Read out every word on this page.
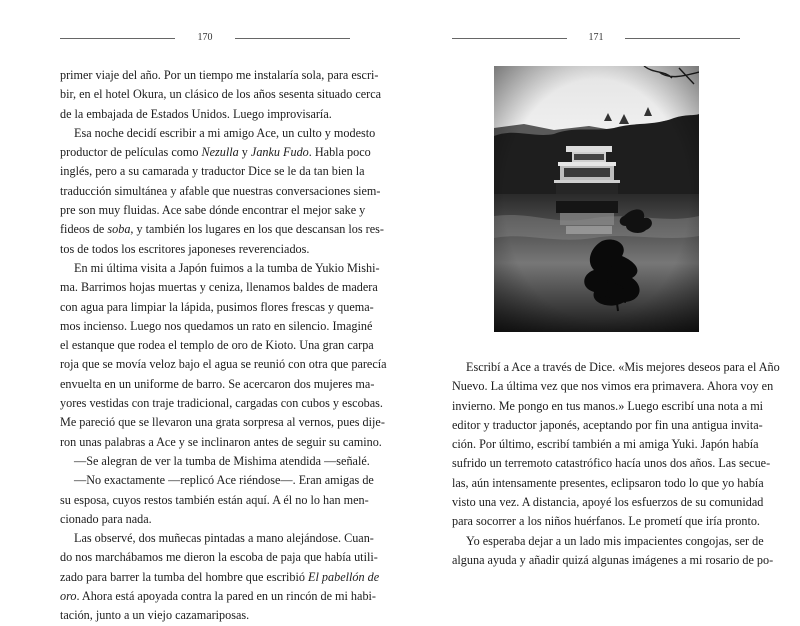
170
primer viaje del año. Por un tiempo me instalaría sola, para escri-
bir, en el hotel Okura, un clásico de los años sesenta situado cerca
de la embajada de Estados Unidos. Luego improvisaría.
Esa noche decidí escribir a mi amigo Ace, un culto y modesto
productor de películas como Nezulla y Janku Fudo. Habla poco
inglés, pero a su camarada y traductor Dice se le da tan bien la
traducción simultánea y afable que nuestras conversaciones siem-
pre son muy fluidas. Ace sabe dónde encontrar el mejor sake y
fideos de soba, y también los lugares en los que descansan los res-
tos de todos los escritores japoneses reverenciados.
En mi última visita a Japón fuimos a la tumba de Yukio Mishi-
ma. Barrimos hojas muertas y ceniza, llenamos baldes de madera
con agua para limpiar la lápida, pusimos flores frescas y quema-
mos incienso. Luego nos quedamos un rato en silencio. Imaginé
el estanque que rodea el templo de oro de Kioto. Una gran carpa
roja que se movía veloz bajo el agua se reunió con otra que parecía
envuelta en un uniforme de barro. Se acercaron dos mujeres ma-
yores vestidas con traje tradicional, cargadas con cubos y escobas.
Me pareció que se llevaron una grata sorpresa al vernos, pues dije-
ron unas palabras a Ace y se inclinaron antes de seguir su camino.
—Se alegran de ver la tumba de Mishima atendida —señalé.
—No exactamente —replicó Ace riéndose—. Eran amigas de
su esposa, cuyos restos también están aquí. A él no lo han men-
cionado para nada.
Las observé, dos muñecas pintadas a mano alejándose. Cuan-
do nos marchábamos me dieron la escoba de paja que había utili-
zado para barrer la tumba del hombre que escribió El pabellón de
oro. Ahora está apoyada contra la pared en un rincón de mi habi-
tación, junto a un viejo cazamariposas.
171
Escribí a Ace a través de Dice. «Mis mejores deseos para el Año
Nuevo. La última vez que nos vimos era primavera. Ahora voy en
invierno. Me pongo en tus manos.» Luego escribí una nota a mi
editor y traductor japonés, aceptando por fin una antigua invita-
ción. Por último, escribí también a mi amiga Yuki. Japón había
sufrido un terremoto catastrófico hacía unos dos años. Las secue-
las, aún intensamente presentes, eclipsaron todo lo que yo había
visto una vez. A distancia, apoyé los esfuerzos de su comunidad
para socorrer a los niños huérfanos. Le prometí que iría pronto.
Yo esperaba dejar a un lado mis impacientes congojas, ser de
alguna ayuda y añadir quizá algunas imágenes a mi rosario de po-
